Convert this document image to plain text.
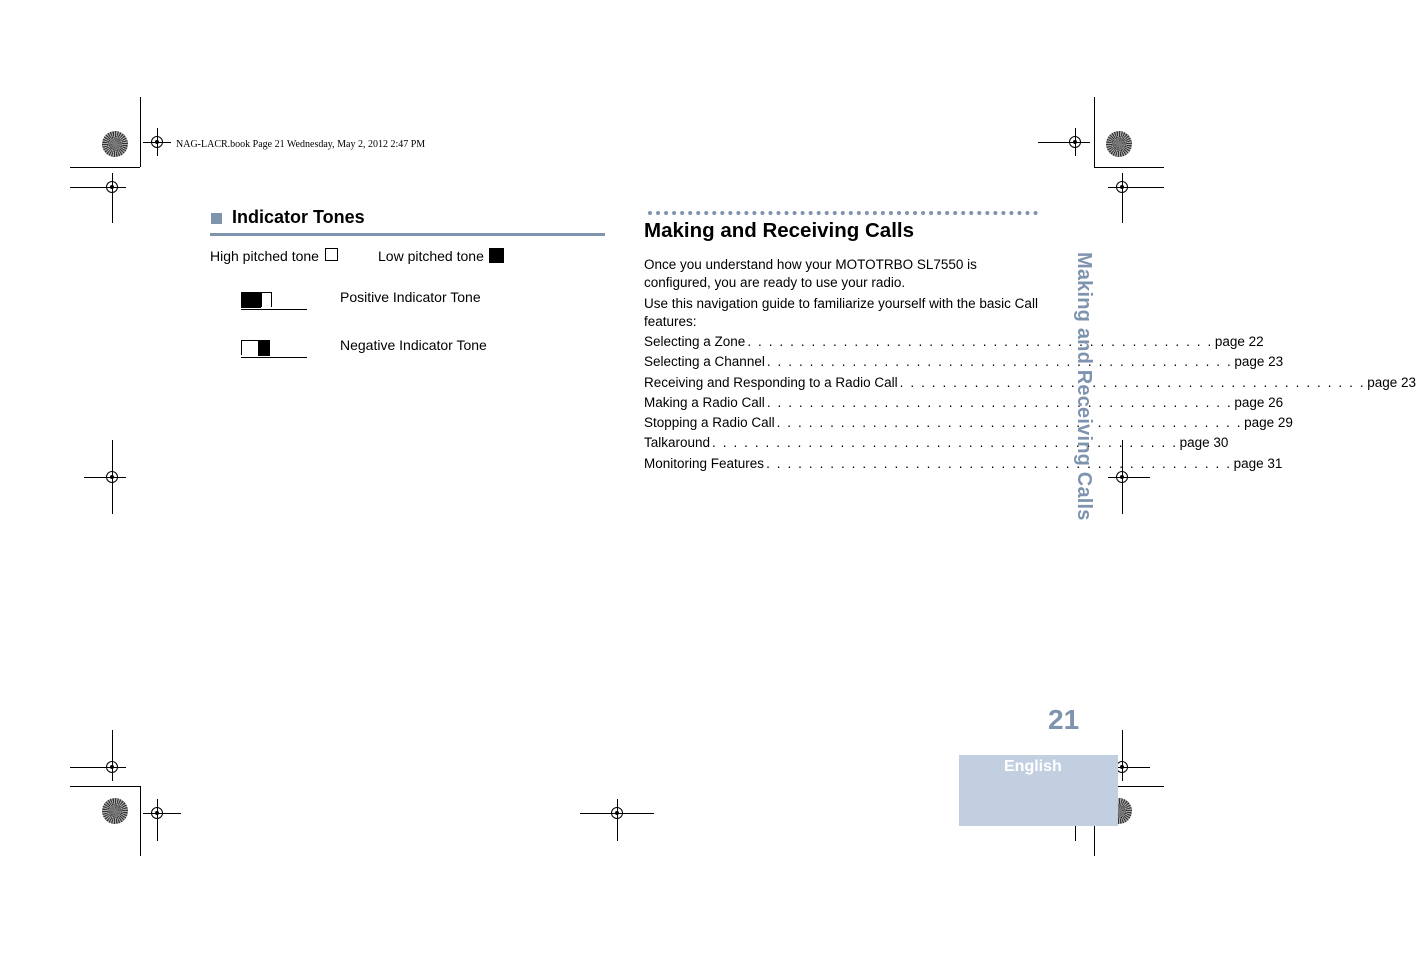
NAG-LACR.book Page 21 Wednesday, May 2, 2012 2:47 PM
Indicator Tones
High pitched tone	Low pitched tone
Positive Indicator Tone
Negative Indicator Tone
Making and Receiving Calls
Once you understand how your MOTOTRBO SL7550 is configured, you are ready to use your radio.
Use this navigation guide to familiarize yourself with the basic Call features:
Selecting a Zone . . . . . . . . . . . . . . . . . . . . . . . . . . . . . . . . . . . . . . . . . . . . page 22
Selecting a Channel . . . . . . . . . . . . . . . . . . . . . . . . . . . . . . . . . . . . . . . . . . . . page 23
Receiving and Responding to a Radio Call . . . . . . . . . . . . . . . . . . . . . . . . . . . . . . . . . . . . . . . . . . . . page 23
Making a Radio Call . . . . . . . . . . . . . . . . . . . . . . . . . . . . . . . . . . . . . . . . . . . . page 26
Stopping a Radio Call . . . . . . . . . . . . . . . . . . . . . . . . . . . . . . . . . . . . . . . . . . . . page 29
Talkaround . . . . . . . . . . . . . . . . . . . . . . . . . . . . . . . . . . . . . . . . . . . . page 30
Monitoring Features . . . . . . . . . . . . . . . . . . . . . . . . . . . . . . . . . . . . . . . . . . . . page 31
Making and Receiving Calls
21
English
